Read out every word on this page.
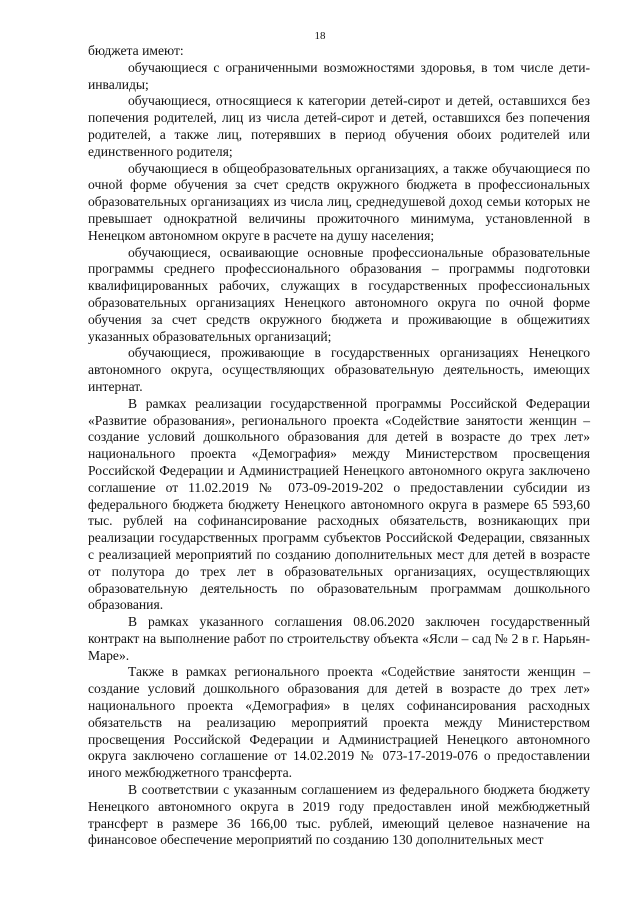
18

бюджета имеют:

обучающиеся с ограниченными возможностями здоровья, в том числе дети-инвалиды;

обучающиеся, относящиеся к категории детей-сирот и детей, оставшихся без попечения родителей, лиц из числа детей-сирот и детей, оставшихся без попечения родителей, а также лиц, потерявших в период обучения обоих родителей или единственного родителя;

обучающиеся в общеобразовательных организациях, а также обучающиеся по очной форме обучения за счет средств окружного бюджета в профессиональных образовательных организациях из числа лиц, среднедушевой доход семьи которых не превышает однократной величины прожиточного минимума, установленной в Ненецком автономном округе в расчете на душу населения;

обучающиеся, осваивающие основные профессиональные образовательные программы среднего профессионального образования – программы подготовки квалифицированных рабочих, служащих в государственных профессиональных образовательных организациях Ненецкого автономного округа по очной форме обучения за счет средств окружного бюджета и проживающие в общежитиях указанных образовательных организаций;

обучающиеся, проживающие в государственных организациях Ненецкого автономного округа, осуществляющих образовательную деятельность, имеющих интернат.

В рамках реализации государственной программы Российской Федерации «Развитие образования», регионального проекта «Содействие занятости женщин – создание условий дошкольного образования для детей в возрасте до трех лет» национального проекта «Демография» между Министерством просвещения Российской Федерации и Администрацией Ненецкого автономного округа заключено соглашение от 11.02.2019 № 073-09-2019-202 о предоставлении субсидии из федерального бюджета бюджету Ненецкого автономного округа в размере 65 593,60 тыс. рублей на софинансирование расходных обязательств, возникающих при реализации государственных программ субъектов Российской Федерации, связанных с реализацией мероприятий по созданию дополнительных мест для детей в возрасте от полутора до трех лет в образовательных организациях, осуществляющих образовательную деятельность по образовательным программам дошкольного образования.

В рамках указанного соглашения 08.06.2020 заключен государственный контракт на выполнение работ по строительству объекта «Ясли – сад № 2 в г. Нарьян-Маре».

Также в рамках регионального проекта «Содействие занятости женщин – создание условий дошкольного образования для детей в возрасте до трех лет» национального проекта «Демография» в целях софинансирования расходных обязательств на реализацию мероприятий проекта между Министерством просвещения Российской Федерации и Администрацией Ненецкого автономного округа заключено соглашение от 14.02.2019 № 073-17-2019-076 о предоставлении иного межбюджетного трансферта.

В соответствии с указанным соглашением из федерального бюджета бюджету Ненецкого автономного округа в 2019 году предоставлен иной межбюджетный трансферт в размере 36 166,00 тыс. рублей, имеющий целевое назначение на финансовое обеспечение мероприятий по созданию 130 дополнительных мест
